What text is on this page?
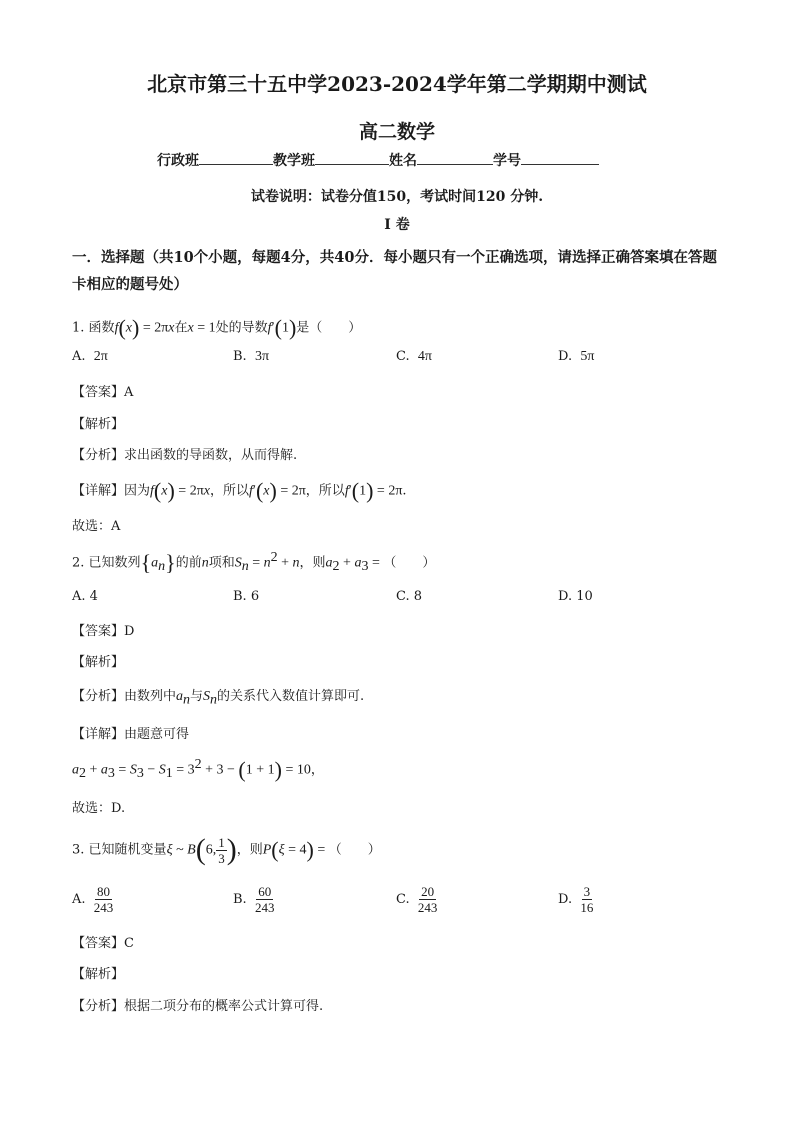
北京市第三十五中学2023-2024学年第二学期期中测试
高二数学
行政班	教学班	姓名	学号
试卷说明：试卷分值150，考试时间120 分钟.
I 卷
一．选择题（共10个小题，每题4分，共40分．每小题只有一个正确选项，请选择正确答案填在答题卡相应的题号处）
1. 函数f(x) = 2πx在x = 1处的导数f′(1)是（　　）
A. 2π	B. 3π	C. 4π	D. 5π
【答案】A
【解析】
【分析】求出函数的导函数，从而得解.
【详解】因为f(x) = 2πx，所以f′(x) = 2π，所以f′(1) = 2π.
故选：A
2. 已知数列$\{a_n\}$的前n项和$S_n = n^2 + n$，则$a_2 + a_3$ = （　　）
A. 4	B. 6	C. 8	D. 10
【答案】D
【解析】
【分析】由数列中$a_n$与$S_n$的关系代入数值计算即可.
【详解】由题意可得
$a_2 + a_3 = S_3 - S_1 = 3^2 + 3 - (1 + 1) = 10$，
故选：D.
3. 已知随机变量ξ ~ B(6, $\frac{1}{3}$ )，则P(ξ = 4) = （　　）
A. $\frac{80}{243}$	B. $\frac{60}{243}$	C. $\frac{20}{243}$	D. $\frac{3}{16}$
【答案】C
【解析】
【分析】根据二项分布的概率公式计算可得.
